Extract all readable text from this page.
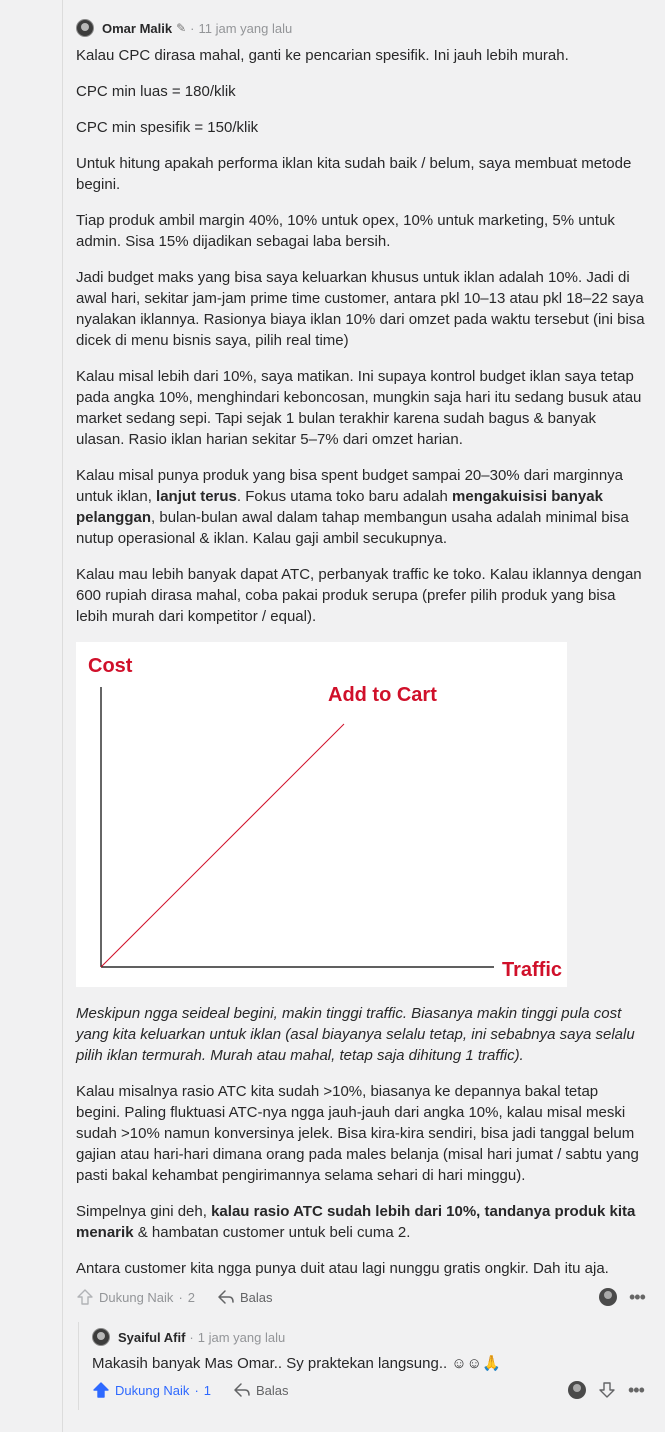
Omar Malik ✎ · 11 jam yang lalu

Kalau CPC dirasa mahal, ganti ke pencarian spesifik. Ini jauh lebih murah.

CPC min luas = 180/klik

CPC min spesifik = 150/klik

Untuk hitung apakah performa iklan kita sudah baik / belum, saya membuat metode begini.

Tiap produk ambil margin 40%, 10% untuk opex, 10% untuk marketing, 5% untuk admin. Sisa 15% dijadikan sebagai laba bersih.

Jadi budget maks yang bisa saya keluarkan khusus untuk iklan adalah 10%. Jadi di awal hari, sekitar jam-jam prime time customer, antara pkl 10–13 atau pkl 18–22 saya nyalakan iklannya. Rasionya biaya iklan 10% dari omzet pada waktu tersebut (ini bisa dicek di menu bisnis saya, pilih real time)

Kalau misal lebih dari 10%, saya matikan. Ini supaya kontrol budget iklan saya tetap pada angka 10%, menghindari keboncosan, mungkin saja hari itu sedang busuk atau market sedang sepi. Tapi sejak 1 bulan terakhir karena sudah bagus & banyak ulasan. Rasio iklan harian sekitar 5–7% dari omzet harian.

Kalau misal punya produk yang bisa spent budget sampai 20–30% dari marginnya untuk iklan, lanjut terus. Fokus utama toko baru adalah mengakuisisi banyak pelanggan, bulan-bulan awal dalam tahap membangun usaha adalah minimal bisa nutup operasional & iklan. Kalau gaji ambil secukupnya.

Kalau mau lebih banyak dapat ATC, perbanyak traffic ke toko. Kalau iklannya dengan 600 rupiah dirasa mahal, coba pakai produk serupa (prefer pilih produk yang bisa lebih murah dari kompetitor / equal).

Cost
Add to Cart
Traffic

Meskipun ngga seideal begini, makin tinggi traffic. Biasanya makin tinggi pula cost yang kita keluarkan untuk iklan (asal biayanya selalu tetap, ini sebabnya saya selalu pilih iklan termurah. Murah atau mahal, tetap saja dihitung 1 traffic).

Kalau misalnya rasio ATC kita sudah >10%, biasanya ke depannya bakal tetap begini. Paling fluktuasi ATC-nya ngga jauh-jauh dari angka 10%, kalau misal meski sudah >10% namun konversinya jelek. Bisa kira-kira sendiri, bisa jadi tanggal belum gajian atau hari-hari dimana orang pada males belanja (misal hari jumat / sabtu yang pasti bakal kehambat pengirimannya selama sehari di hari minggu).

Simpelnya gini deh, kalau rasio ATC sudah lebih dari 10%, tandanya produk kita menarik & hambatan customer untuk beli cuma 2.

Antara customer kita ngga punya duit atau lagi nunggu gratis ongkir. Dah itu aja.

Dukung Naik · 2	Balas	•••
Syaiful Afif · 1 jam yang lalu

Makasih banyak Mas Omar.. Sy praktekan langsung.. ☺☺🙏

Dukung Naik · 1	Balas	•••
